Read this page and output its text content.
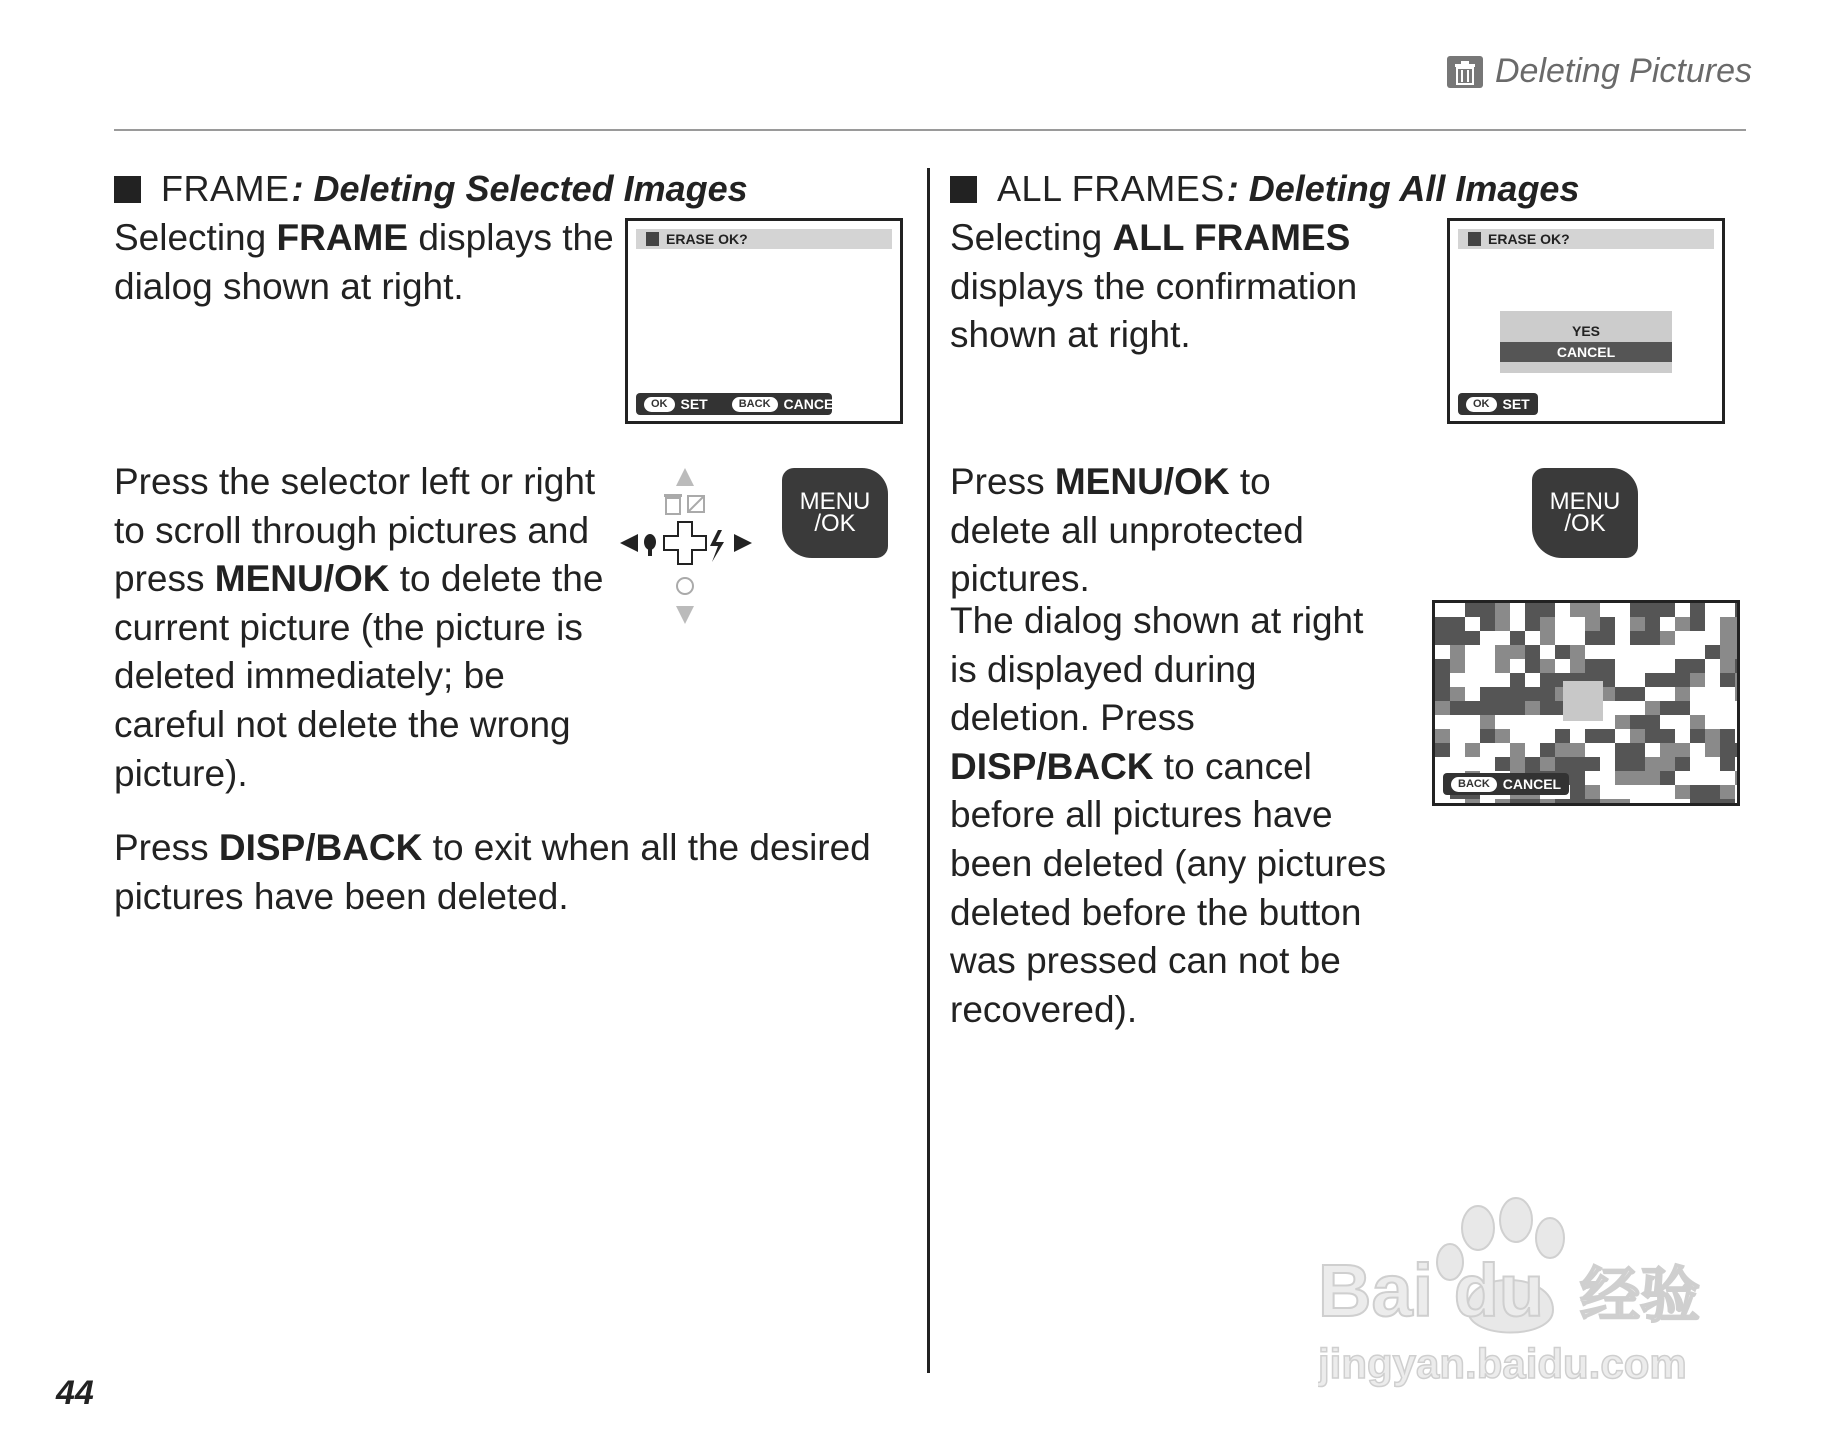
Deleting Pictures
FRAME : Deleting Selected Images
Selecting FRAME displays the dialog shown at right.
ERASE OK?
OK SET	BACK CANCEL
Press the selector left or right to scroll through pictures and press MENU/OK to delete the current picture (the picture is deleted immediately; be careful not delete the wrong picture).
MENU
/OK
Press DISP/BACK to exit when all the desired pictures have been deleted.
ALL FRAMES : Deleting All Images
Selecting ALL FRAMES displays the confirmation shown at right.
ERASE OK?
YES
CANCEL
OK SET
Press MENU/OK to delete all unprotected pictures.
MENU
/OK
The dialog shown at right is displayed during deletion. Press DISP/BACK to cancel before all pictures have been deleted (any pictures deleted before the button was pressed can not be recovered).
BACK CANCEL
44
Bai du 经验
jingyan.baidu.com
